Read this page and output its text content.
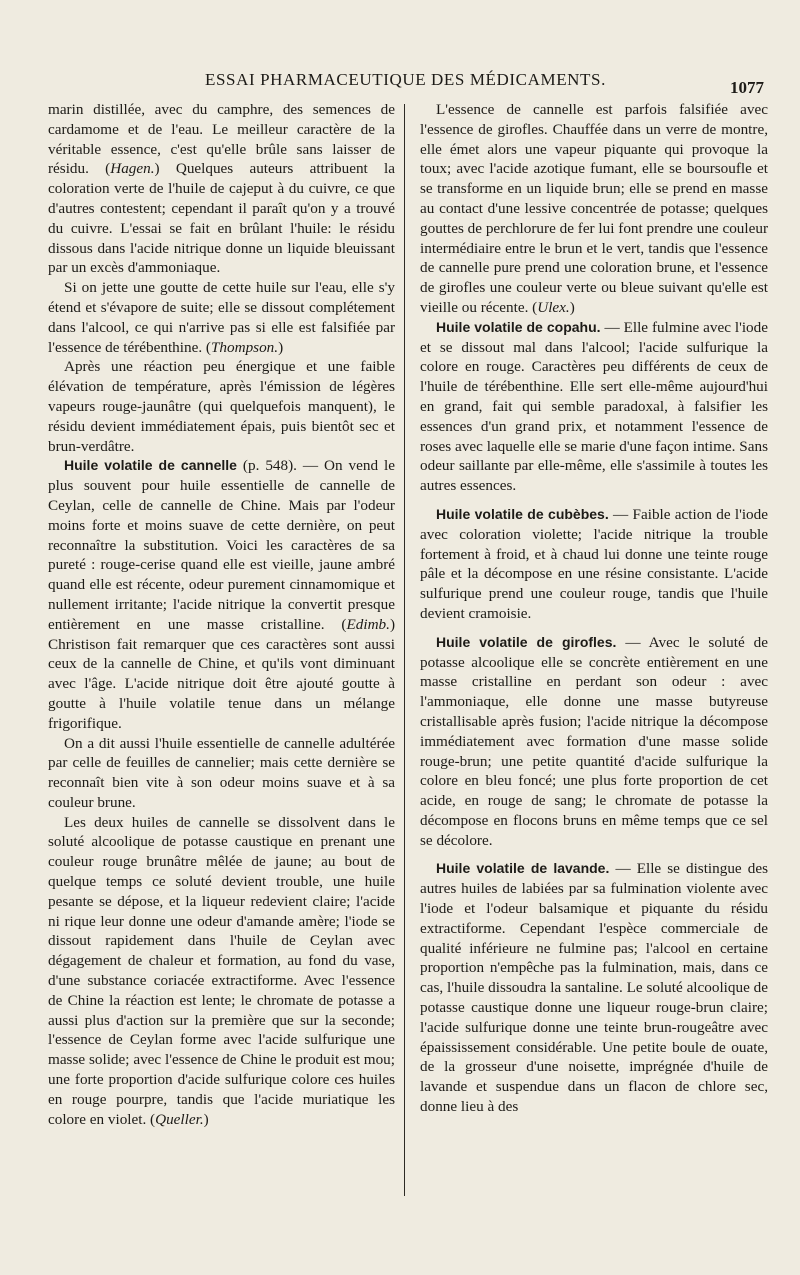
ESSAI PHARMACEUTIQUE DES MÉDICAMENTS.	1077

marin distillée, avec du camphre, des semences de cardamome et de l'eau. Le meilleur caractère de la véritable essence, c'est qu'elle brûle sans laisser de résidu. (Hagen.) Quelques auteurs attribuent la coloration verte de l'huile de cajeput à du cuivre, ce que d'autres contestent; cependant il paraît qu'on y a trouvé du cuivre. L'essai se fait en brûlant l'huile: le résidu dissous dans l'acide nitrique donne un liquide bleuissant par un excès d'ammoniaque.

Si on jette une goutte de cette huile sur l'eau, elle s'y étend et s'évapore de suite; elle se dissout complétement dans l'alcool, ce qui n'arrive pas si elle est falsifiée par l'essence de térébenthine. (Thompson.)

Après une réaction peu énergique et une faible élévation de température, après l'émission de légères vapeurs rouge-jaunâtre (qui quelquefois manquent), le résidu devient immédiatement épais, puis bientôt sec et brun-verdâtre.

Huile volatile de cannelle (p. 548). — On vend le plus souvent pour huile essentielle de cannelle de Ceylan, celle de cannelle de Chine. Mais par l'odeur moins forte et moins suave de cette dernière, on peut reconnaître la substitution. Voici les caractères de sa pureté : rouge-cerise quand elle est vieille, jaune ambré quand elle est récente, odeur purement cinnamomique et nullement irritante; l'acide nitrique la convertit presque entièrement en une masse cristalline. (Edimb.) Christison fait remarquer que ces caractères sont aussi ceux de la cannelle de Chine, et qu'ils vont diminuant avec l'âge. L'acide nitrique doit être ajouté goutte à goutte à l'huile volatile tenue dans un mélange frigorifique.

On a dit aussi l'huile essentielle de cannelle adultérée par celle de feuilles de cannelier; mais cette dernière se reconnaît bien vite à son odeur moins suave et à sa couleur brune.

Les deux huiles de cannelle se dissolvent dans le soluté alcoolique de potasse caustique en prenant une couleur rouge brunâtre mêlée de jaune; au bout de quelque temps ce soluté devient trouble, une huile pesante se dépose, et la liqueur redevient claire; l'acide ni rique leur donne une odeur d'amande amère; l'iode se dissout rapidement dans l'huile de Ceylan avec dégagement de chaleur et formation, au fond du vase, d'une substance coriacée extractiforme. Avec l'essence de Chine la réaction est lente; le chromate de potasse a aussi plus d'action sur la première que sur la seconde; l'essence de Ceylan forme avec l'acide sulfurique une masse solide; avec l'essence de Chine le produit est mou; une forte proportion d'acide sulfurique colore ces huiles en rouge pourpre, tandis que l'acide muriatique les colore en violet. (Queller.)

L'essence de cannelle est parfois falsifiée avec l'essence de girofles. Chauffée dans un verre de montre, elle émet alors une vapeur piquante qui provoque la toux; avec l'acide azotique fumant, elle se boursoufle et se transforme en un liquide brun; elle se prend en masse au contact d'une lessive concentrée de potasse; quelques gouttes de perchlorure de fer lui font prendre une couleur intermédiaire entre le brun et le vert, tandis que l'essence de cannelle pure prend une coloration brune, et l'essence de girofles une couleur verte ou bleue suivant qu'elle est vieille ou récente. (Ulex.)

Huile volatile de copahu. — Elle fulmine avec l'iode et se dissout mal dans l'alcool; l'acide sulfurique la colore en rouge. Caractères peu différents de ceux de l'huile de térébenthine. Elle sert elle-même aujourd'hui en grand, fait qui semble paradoxal, à falsifier les essences d'un grand prix, et notamment l'essence de roses avec laquelle elle se marie d'une façon intime. Sans odeur saillante par elle-même, elle s'assimile à toutes les autres essences.

Huile volatile de cubèbes. — Faible action de l'iode avec coloration violette; l'acide nitrique la trouble fortement à froid, et à chaud lui donne une teinte rouge pâle et la décompose en une résine consistante. L'acide sulfurique prend une couleur rouge, tandis que l'huile devient cramoisie.

Huile volatile de girofles. — Avec le soluté de potasse alcoolique elle se concrète entièrement en une masse cristalline en perdant son odeur : avec l'ammoniaque, elle donne une masse butyreuse cristallisable après fusion; l'acide nitrique la décompose immédiatement avec formation d'une masse solide rouge-brun; une petite quantité d'acide sulfurique la colore en bleu foncé; une plus forte proportion de cet acide, en rouge de sang; le chromate de potasse la décompose en flocons bruns en même temps que ce sel se décolore.

Huile volatile de lavande. — Elle se distingue des autres huiles de labiées par sa fulmination violente avec l'iode et l'odeur balsamique et piquante du résidu extractiforme. Cependant l'espèce commerciale de qualité inférieure ne fulmine pas; l'alcool en certaine proportion n'empêche pas la fulmination, mais, dans ce cas, l'huile dissoudra la santaline. Le soluté alcoolique de potasse caustique donne une liqueur rouge-brun claire; l'acide sulfurique donne une teinte brun-rougeâtre avec épaississement considérable. Une petite boule de ouate, de la grosseur d'une noisette, imprégnée d'huile de lavande et suspendue dans un flacon de chlore sec, donne lieu à des
